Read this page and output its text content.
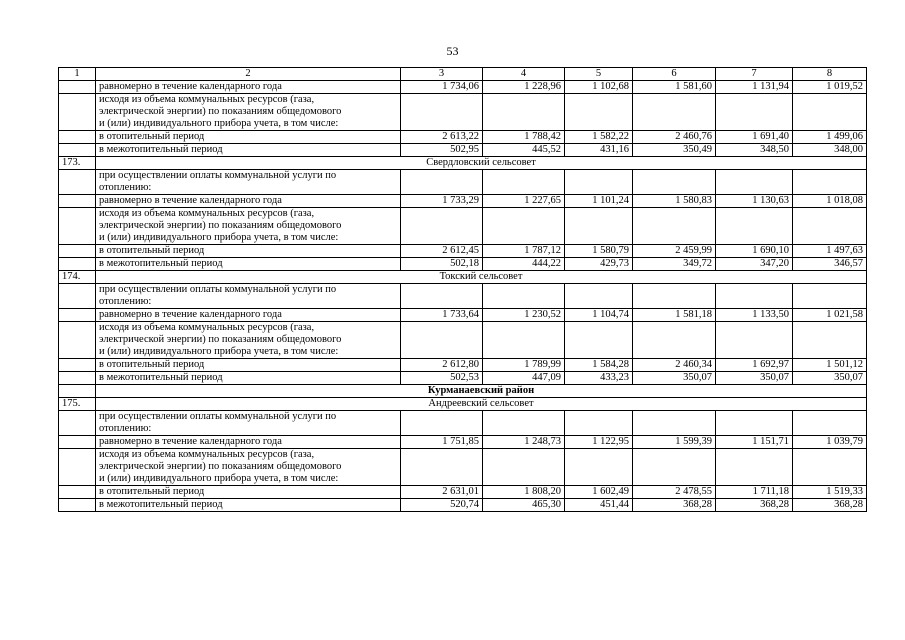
53
1	2	3	4	5	6	7	8

	равномерно в течение календарного года	1 734,06	1 228,96	1 102,68	1 581,60	1 131,94	1 019,52

	исходя из объема коммунальных ресурсов (газа,
электрической энергии) по показаниям общедомового
и (или) индивидуального прибора учета, в том числе:						

	в отопительный период	2 613,22	1 788,42	1 582,22	2 460,76	1 691,40	1 499,06

	в межотопительный период	502,95	445,52	431,16	350,49	348,50	348,00
173.	Свердловский сельсовет						

	при осуществлении оплаты коммунальной услуги по
отоплению:						

	равномерно в течение календарного года	1 733,29	1 227,65	1 101,24	1 580,83	1 130,63	1 018,08

	исходя из объема коммунальных ресурсов (газа,
электрической энергии) по показаниям общедомового
и (или) индивидуального прибора учета, в том числе:						

	в отопительный период	2 612,45	1 787,12	1 580,79	2 459,99	1 690,10	1 497,63

	в межотопительный период	502,18	444,22	429,73	349,72	347,20	346,57
174.	Токский сельсовет						

	при осуществлении оплаты коммунальной услуги по
отоплению:						

	равномерно в течение календарного года	1 733,64	1 230,52	1 104,74	1 581,18	1 133,50	1 021,58

	исходя из объема коммунальных ресурсов (газа,
электрической энергии) по показаниям общедомового
и (или) индивидуального прибора учета, в том числе:						

	в отопительный период	2 612,80	1 789,99	1 584,28	2 460,34	1 692,97	1 501,12

	в межотопительный период	502,53	447,09	433,23	350,07	350,07	350,07
	Курманаевский район						
175.	Андреевский сельсовет						

	при осуществлении оплаты коммунальной услуги по
отоплению:						

	равномерно в течение календарного года	1 751,85	1 248,73	1 122,95	1 599,39	1 151,71	1 039,79

	исходя из объема коммунальных ресурсов (газа,
электрической энергии) по показаниям общедомового
и (или) индивидуального прибора учета, в том числе:						

	в отопительный период	2 631,01	1 808,20	1 602,49	2 478,55	1 711,18	1 519,33

	в межотопительный период	520,74	465,30	451,44	368,28	368,28	368,28
